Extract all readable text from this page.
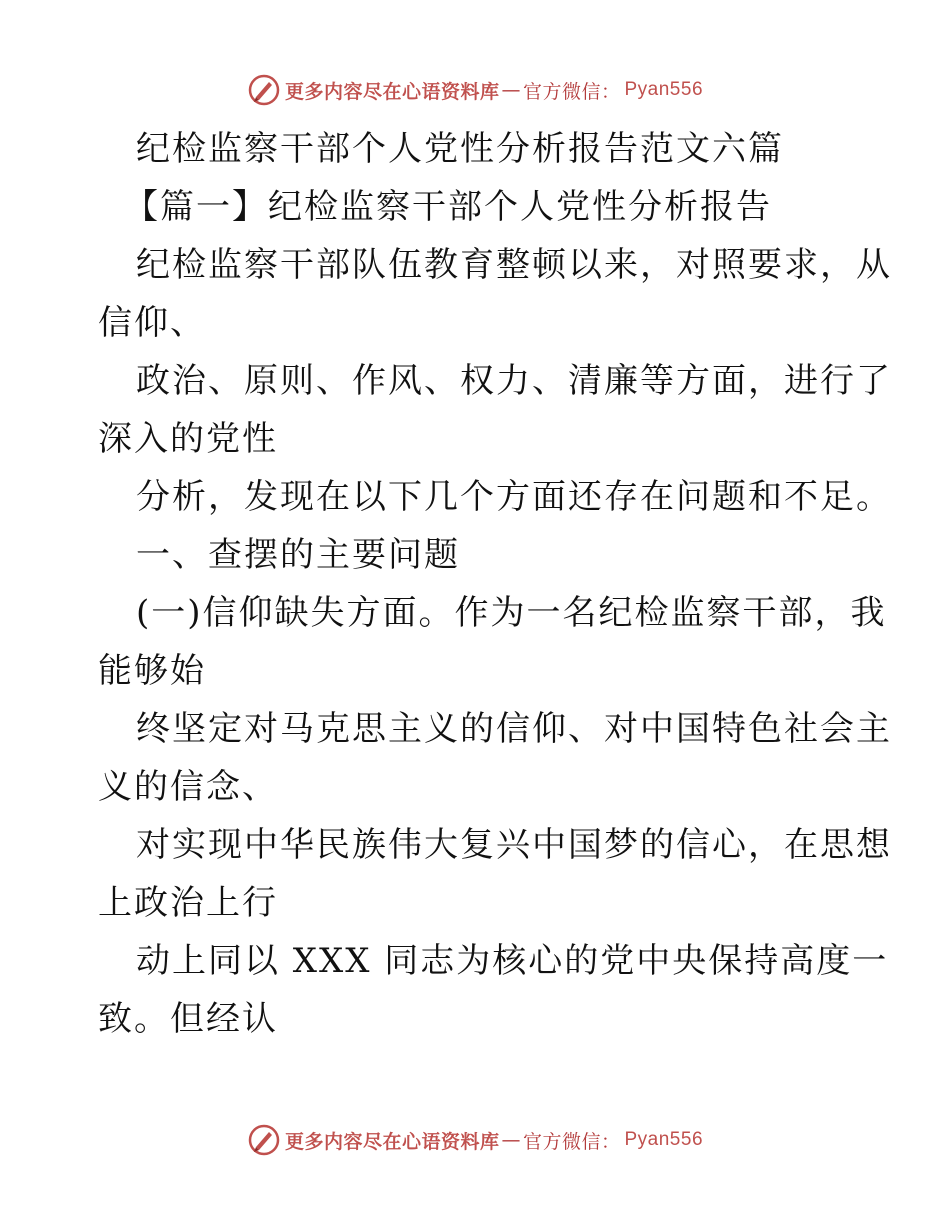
更多内容尽在心语资料库 — 官方微信： Pyan556
纪检监察干部个人党性分析报告范文六篇
【篇一】纪检监察干部个人党性分析报告
纪检监察干部队伍教育整顿以来，对照要求，从
信仰、
政治、原则、作风、权力、清廉等方面，进行了
深入的党性
分析，发现在以下几个方面还存在问题和不足。
一、查摆的主要问题
(一)信仰缺失方面。作为一名纪检监察干部，我
能够始
终坚定对马克思主义的信仰、对中国特色社会主
义的信念、
对实现中华民族伟大复兴中国梦的信心，在思想
上政治上行
动上同以 XXX 同志为核心的党中央保持高度一
致。但经认
更多内容尽在心语资料库 — 官方微信： Pyan556
